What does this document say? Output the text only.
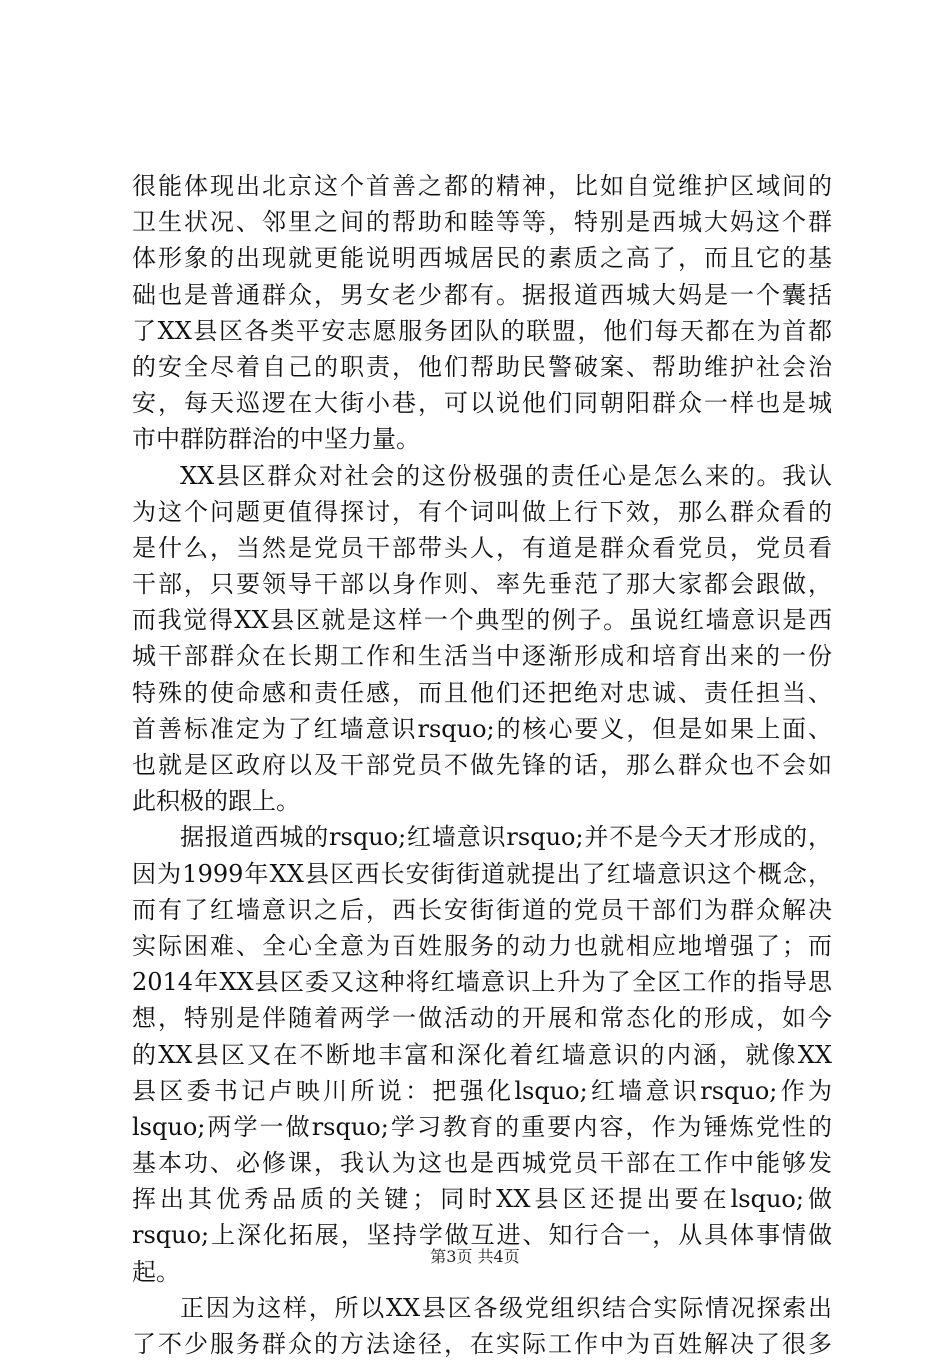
很能体现出北京这个首善之都的精神，比如自觉维护区域间的
卫生状况、邻里之间的帮助和睦等等，特别是西城大妈这个群
体形象的出现就更能说明西城居民的素质之高了，而且它的基
础也是普通群众，男女老少都有。据报道西城大妈是一个囊括
了XX县区各类平安志愿服务团队的联盟，他们每天都在为首都
的安全尽着自己的职责，他们帮助民警破案、帮助维护社会治
安，每天巡逻在大街小巷，可以说他们同朝阳群众一样也是城
市中群防群治的中坚力量。
XX县区群众对社会的这份极强的责任心是怎么来的。我认
为这个问题更值得探讨，有个词叫做上行下效，那么群众看的
是什么，当然是党员干部带头人，有道是群众看党员，党员看
干部，只要领导干部以身作则、率先垂范了那大家都会跟做，
而我觉得XX县区就是这样一个典型的例子。虽说红墙意识是西
城干部群众在长期工作和生活当中逐渐形成和培育出来的一份
特殊的使命感和责任感，而且他们还把绝对忠诚、责任担当、
首善标准定为了红墙意识rsquo;的核心要义，但是如果上面、
也就是区政府以及干部党员不做先锋的话，那么群众也不会如
此积极的跟上。
据报道西城的rsquo;红墙意识rsquo;并不是今天才形成的，
因为1999年XX县区西长安街街道就提出了红墙意识这个概念，
而有了红墙意识之后，西长安街街道的党员干部们为群众解决
实际困难、全心全意为百姓服务的动力也就相应地增强了；而
2014年XX县区委又这种将红墙意识上升为了全区工作的指导思
想，特别是伴随着两学一做活动的开展和常态化的形成，如今
的XX县区又在不断地丰富和深化着红墙意识的内涵，就像XX
县区委书记卢映川所说：把强化lsquo;红墙意识rsquo;作为
lsquo;两学一做rsquo;学习教育的重要内容，作为锤炼党性的
基本功、必修课，我认为这也是西城党员干部在工作中能够发
挥出其优秀品质的关键；同时XX县区还提出要在lsquo;做
rsquo;上深化拓展，坚持学做互进、知行合一，从具体事情做
起。
正因为这样，所以XX县区各级党组织结合实际情况探索出
了不少服务群众的方法途径，在实际工作中为百姓解决了很多
第3页 共4页
